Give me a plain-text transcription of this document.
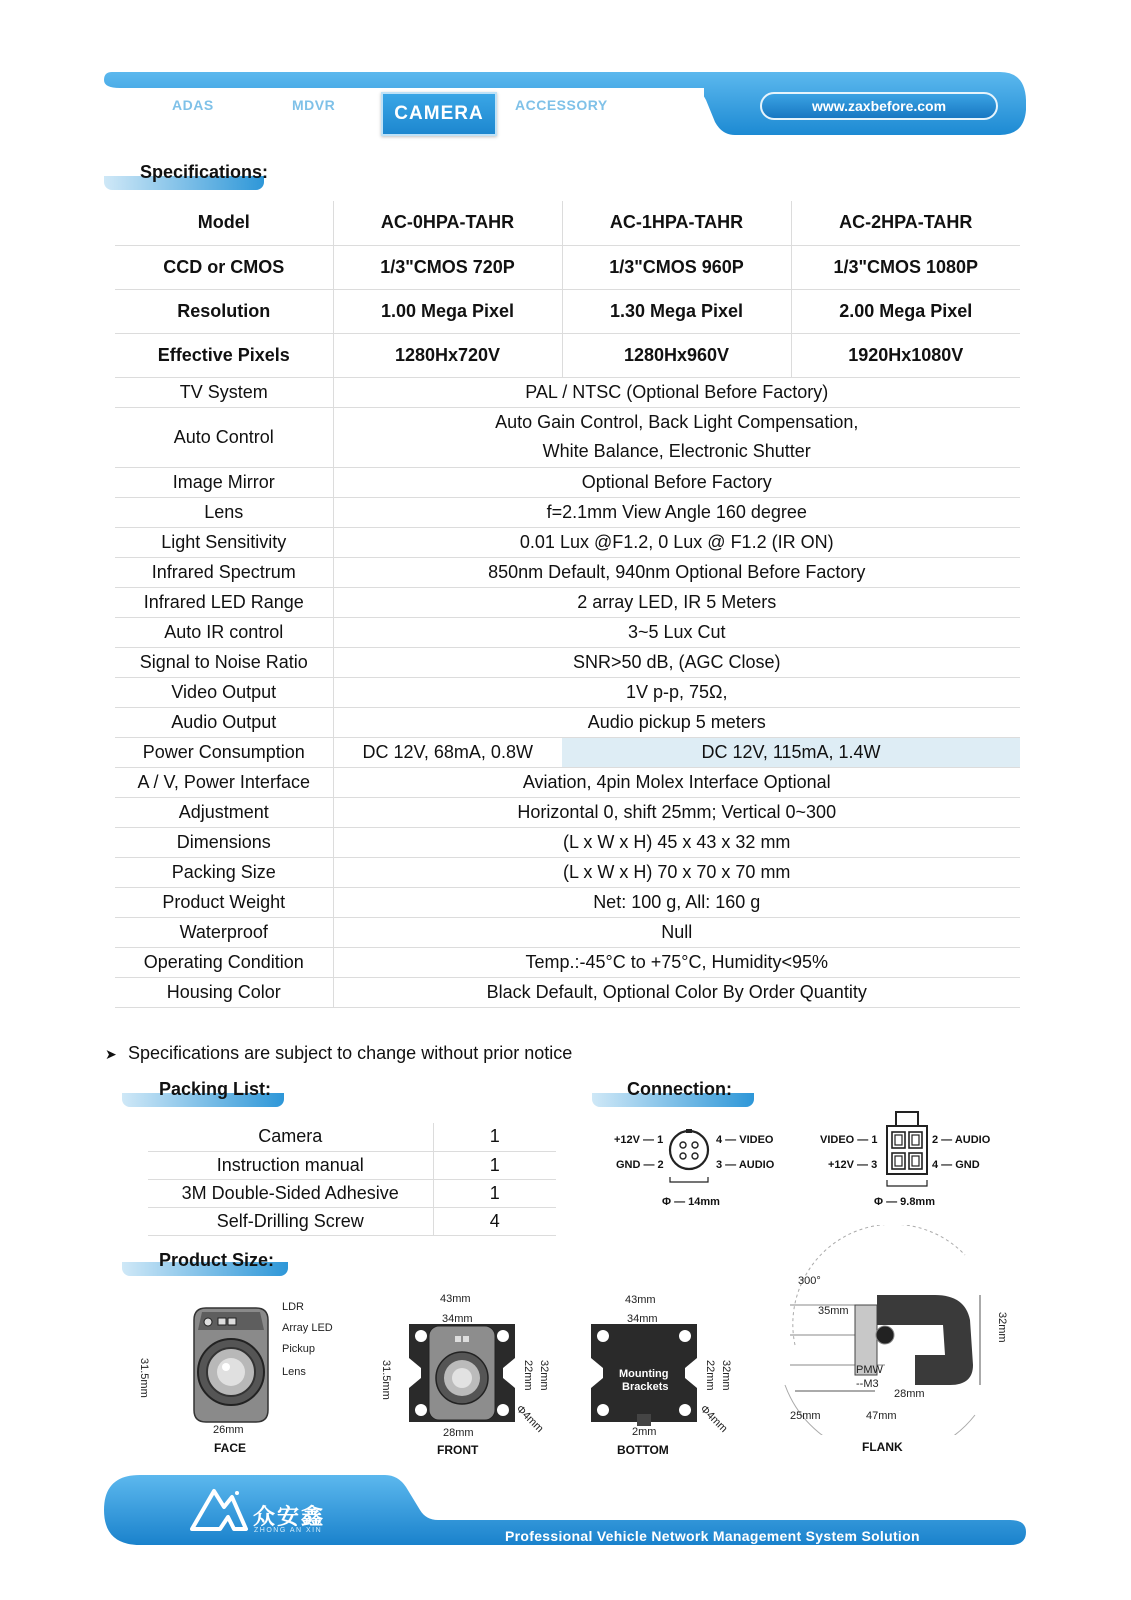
ADAS	MDVR	CAMERA	ACCESSORY	www.zaxbefore.com
Specifications:
Model	AC-0HPA-TAHR	AC-1HPA-TAHR	AC-2HPA-TAHR
CCD or CMOS	1/3"CMOS 720P	1/3"CMOS 960P	1/3"CMOS 1080P
Resolution	1.00 Mega Pixel	1.30 Mega Pixel	2.00 Mega Pixel
Effective Pixels	1280Hx720V	1280Hx960V	1920Hx1080V
TV System	PAL / NTSC (Optional Before Factory)		
Auto Control	Auto Gain Control, Back Light Compensation,
White Balance, Electronic Shutter		

Image Mirror	Optional Before Factory		
Lens	f=2.1mm View Angle 160 degree		
Light Sensitivity	0.01 Lux @F1.2, 0 Lux @ F1.2 (IR ON)		
Infrared Spectrum	850nm Default, 940nm Optional Before Factory		
Infrared LED Range	2 array LED, IR 5 Meters		
Auto IR control	3~5 Lux Cut		
Signal to Noise Ratio	SNR>50 dB, (AGC Close)		
Video Output	1V p-p, 75Ω,		
Audio Output	Audio pickup 5 meters		
Power Consumption	DC 12V, 68mA, 0.8W	DC 12V, 115mA, 1.4W	
A / V, Power Interface	Aviation, 4pin Molex Interface Optional		
Adjustment	Horizontal 0, shift 25mm; Vertical 0~300		
Dimensions	(L x W x H) 45 x 43 x 32 mm		
Packing Size	(L x W x H) 70 x 70 x 70 mm		
Product Weight	Net: 100 g, All: 160 g		
Waterproof	Null		
Operating Condition	Temp.:-45°C to +75°C, Humidity<95%		
Housing Color	Black Default, Optional Color By Order Quantity		
➤ Specifications are subject to change without prior notice
Packing List:
Camera	1
Instruction manual	1
3M Double-Sided Adhesive	1
Self-Drilling Screw	4
Connection:
+12V — 1
GND — 2
4 — VIDEO
3 — AUDIO
Φ — 14mm
VIDEO — 1
+12V — 3
2 — AUDIO
4 — GND
Φ — 9.8mm
Product Size:
LDR
Array LED
Pickup
Lens
31.5mm
26mm
FACE
43mm
34mm
31.5mm	22mm 32mm
28mm	Φ4mm
FRONT
Mounting
Brackets
43mm
34mm
22mm 32mm
2mm	Φ4mm
BOTTOM
300°
35mm
PMW
--M3
28mm
25mm	47mm
32mm
FLANK
众安鑫
ZHONG AN XIN	Professional Vehicle Network Management System Solution
